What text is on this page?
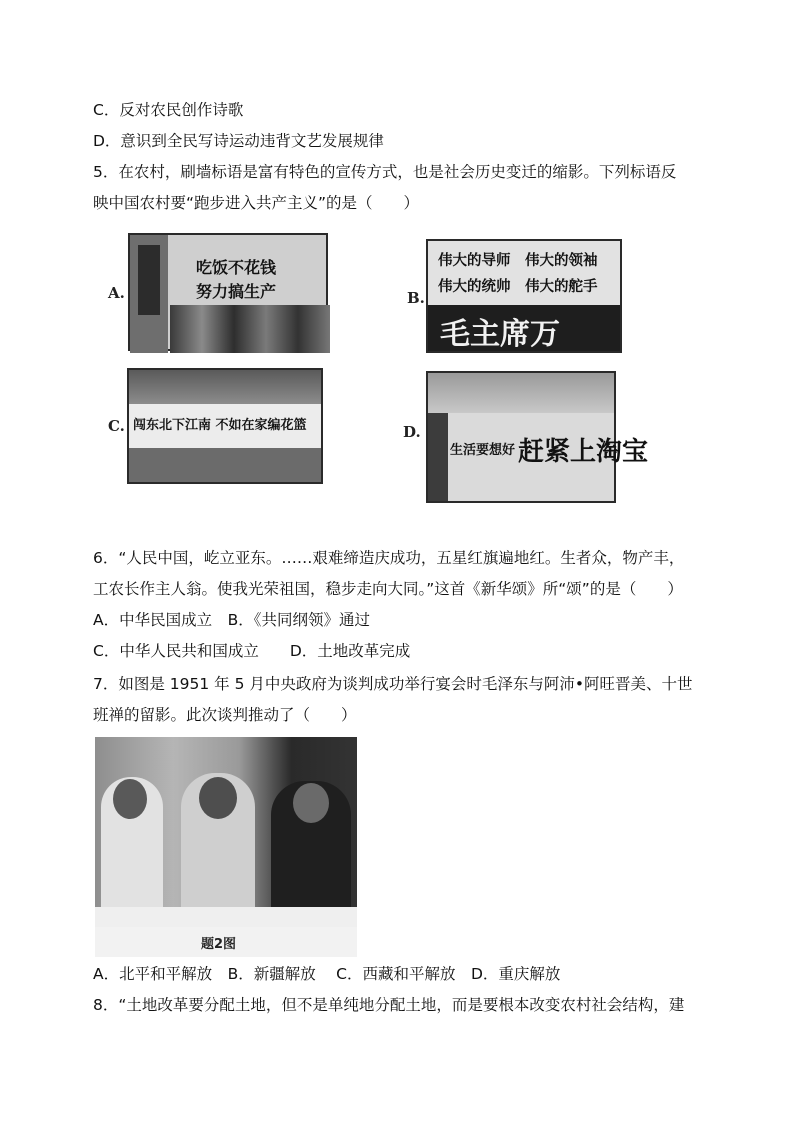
C．反对农民创作诗歌
D．意识到全民写诗运动违背文艺发展规律
5．在农村，刷墙标语是富有特色的宣传方式，也是社会历史变迁的缩影。下列标语反
映中国农村要“跑步进入共产主义”的是（　　）
A.
吃饭不花钱
努力搞生产	B.
伟大的导师　伟大的领袖
伟大的统帅　伟大的舵手
毛主席万
C. 闯东北下江南 不如在家编花篮	D.
生活要想好 赶紧上淘宝
6．“人民中国，屹立亚东。……艰难缔造庆成功，五星红旗遍地红。生者众，物产丰，
工农长作主人翁。使我光荣祖国，稳步走向大同。”这首《新华颂》所“颂”的是（　　）
A．中华民国成立　B．《共同纲领》通过
C．中华人民共和国成立　　D．土地改革完成
7．如图是 1951 年 5 月中央政府为谈判成功举行宴会时毛泽东与阿沛•阿旺晋美、十世
班禅的留影。此次谈判推动了（　　）
题2图
A．北平和平解放　B．新疆解放　 C．西藏和平解放　D．重庆解放
8．“土地改革要分配土地，但不是单纯地分配土地，而是要根本改变农村社会结构，建
